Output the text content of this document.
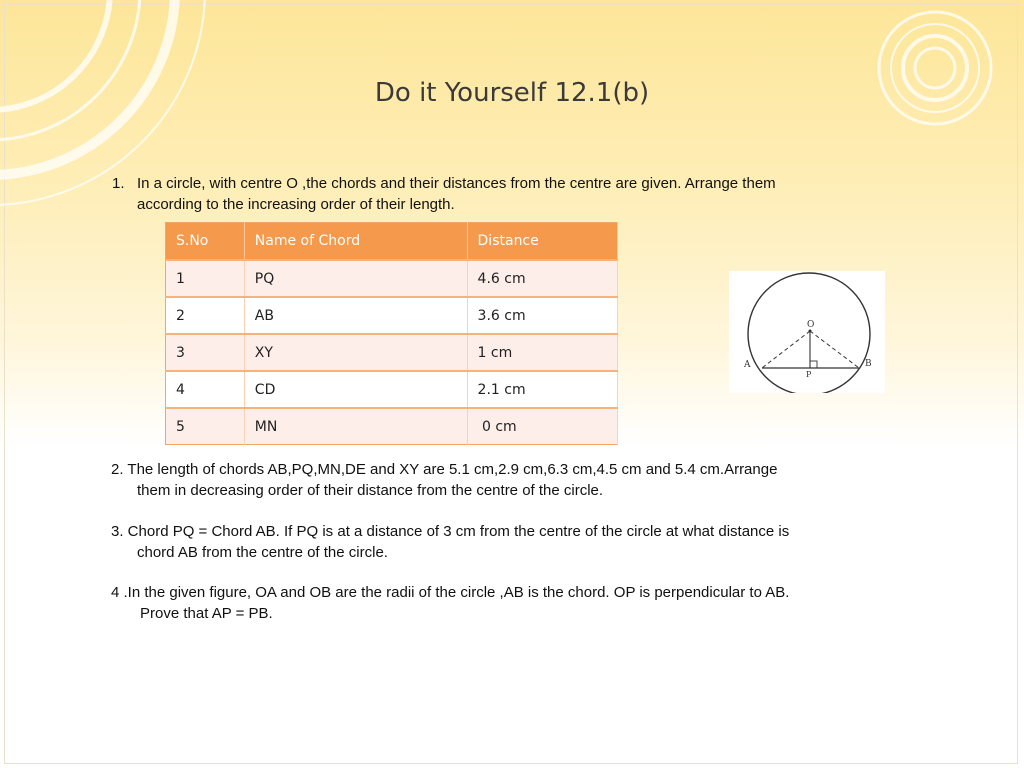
Do it Yourself 12.1(b)
1. In a circle, with centre O ,the chords and their distances from the centre are given. Arrange them
according to the increasing order of their length.
S.No	Name of Chord	Distance
1	PQ	4.6 cm
2	AB	3.6 cm
3	XY	1 cm
4	CD	2.1 cm
5	MN	0 cm
O
A	B
P
2. The length of chords AB,PQ,MN,DE and XY are 5.1 cm,2.9 cm,6.3 cm,4.5 cm and 5.4 cm.Arrange
them in decreasing order of their distance from the centre of the circle.
3. Chord PQ = Chord AB. If PQ is at a distance of 3 cm from the centre of the circle at what distance is
chord AB from the centre of the circle.
4 .In the given figure, OA and OB are the radii of the circle ,AB is the chord. OP is perpendicular to AB.
Prove that AP = PB.
